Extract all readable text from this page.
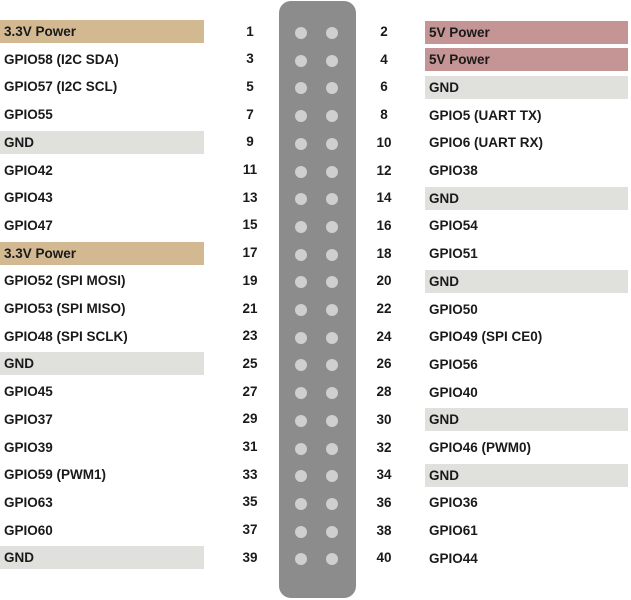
3.3V Power	1	2	5V Power
GPIO58 (I2C SDA)	3	4	5V Power
GPIO57 (I2C SCL)	5	6	GND
GPIO55	7	8	GPIO5 (UART TX)
GND	9	10	GPIO6 (UART RX)
GPIO42	11	12	GPIO38
GPIO43	13	14	GND
GPIO47	15	16	GPIO54
3.3V Power	17	18	GPIO51
GPIO52 (SPI MOSI)	19	20	GND
GPIO53 (SPI MISO)	21	22	GPIO50
GPIO48 (SPI SCLK)	23	24	GPIO49 (SPI CE0)
GND	25	26	GPIO56
GPIO45	27	28	GPIO40
GPIO37	29	30	GND
GPIO39	31	32	GPIO46 (PWM0)
GPIO59 (PWM1)	33	34	GND
GPIO63	35	36	GPIO36
GPIO60	37	38	GPIO61
GND	39	40	GPIO44
